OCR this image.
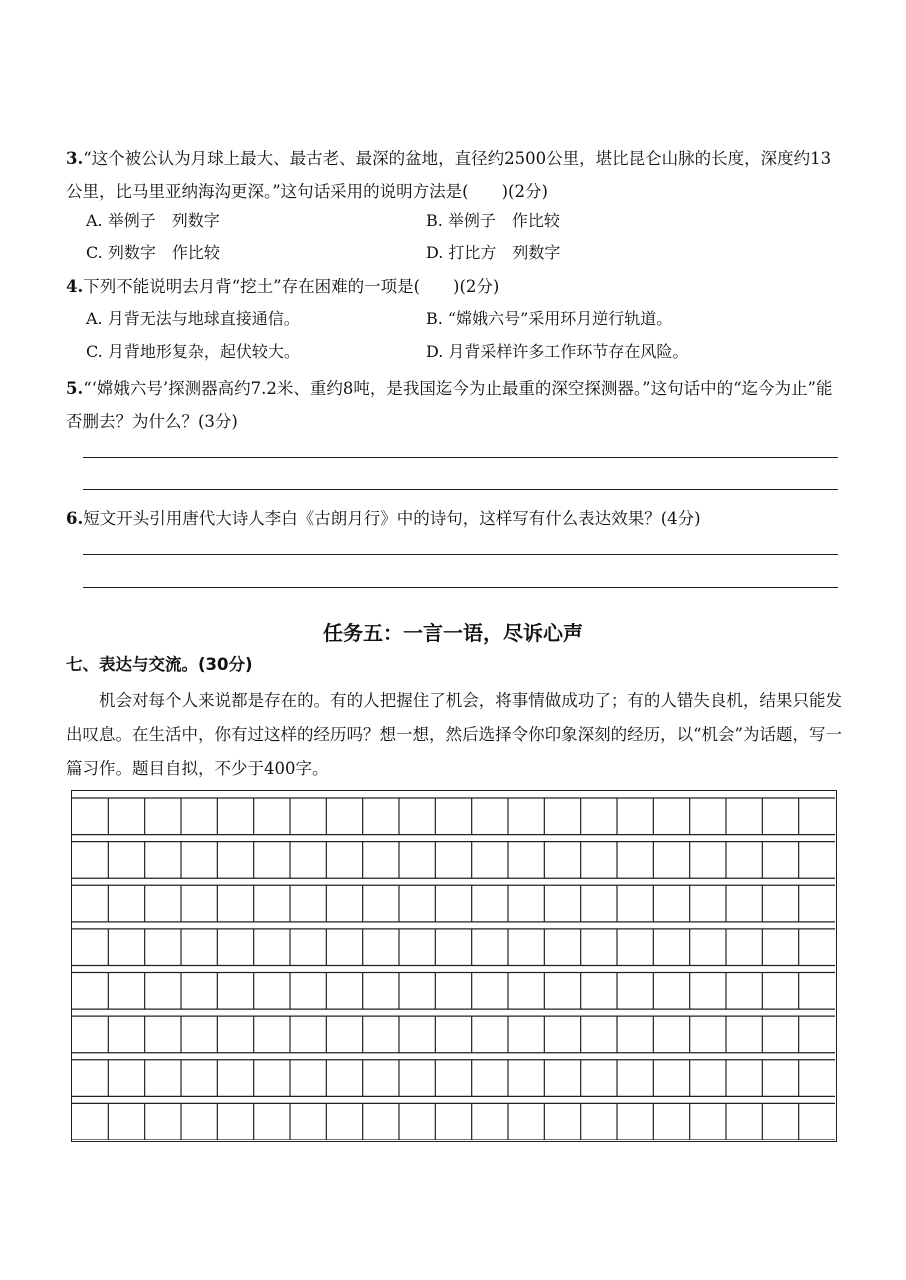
3.“这个被公认为月球上最大、最古老、最深的盆地，直径约2500公里，堪比昆仑山脉的长度，深度约13公里，比马里亚纳海沟更深。”这句话采用的说明方法是(　　)(2分)
A. 举例子　列数字	B. 举例子　作比较
C. 列数字　作比较	D. 打比方　列数字
4.下列不能说明去月背“挖土”存在困难的一项是(　　)(2分)
A. 月背无法与地球直接通信。	B. “嫦娥六号”采用环月逆行轨道。
C. 月背地形复杂，起伏较大。	D. 月背采样许多工作环节存在风险。
5.“‘嫦娥六号’探测器高约7.2米、重约8吨，是我国迄今为止最重的深空探测器。”这句话中的“迄今为止”能否删去？为什么？(3分)
6.短文开头引用唐代大诗人李白《古朗月行》中的诗句，这样写有什么表达效果？(4分)
任务五：一言一语，尽诉心声
七、表达与交流。(30分)
机会对每个人来说都是存在的。有的人把握住了机会，将事情做成功了；有的人错失良机，结果只能发出叹息。在生活中，你有过这样的经历吗？想一想，然后选择令你印象深刻的经历，以“机会”为话题，写一篇习作。题目自拟，不少于400字。
